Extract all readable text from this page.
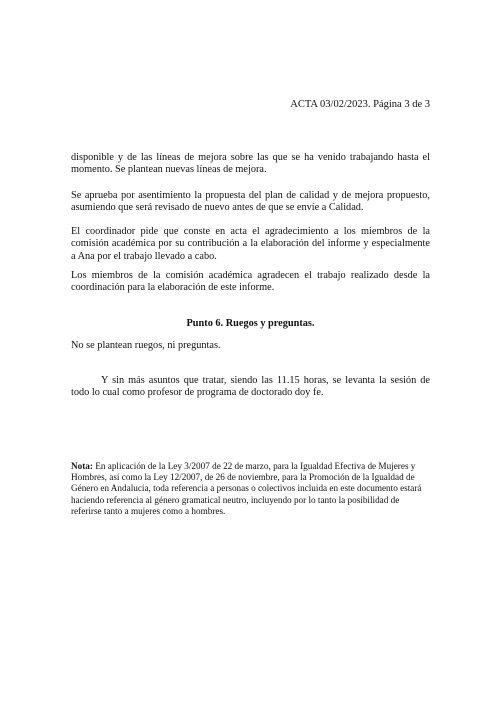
ACTA 03/02/2023. Página 3 de 3

disponible y de las líneas de mejora sobre las que se ha venido trabajando hasta el momento. Se plantean nuevas líneas de mejora.

Se aprueba por asentimiento la propuesta del plan de calidad y de mejora propuesto, asumiendo que será revisado de nuevo antes de que se envíe a Calidad.

El coordinador pide que conste en acta el agradecimiento a los miembros de la comisión académica por su contribución a la elaboración del informe y especialmente a Ana por el trabajo llevado a cabo.

Los miembros de la comisión académica agradecen el trabajo realizado desde la coordinación para la elaboración de este informe.

Punto 6. Ruegos y preguntas.

No se plantean ruegos, ni preguntas.

Y sin más asuntos que tratar, siendo las 11.15 horas, se levanta la sesión de todo lo cual como profesor de programa de doctorado doy fe.

Nota: En aplicación de la Ley 3/2007 de 22 de marzo, para la Igualdad Efectiva de Mujeres y Hombres, así como la Ley 12/2007, de 26 de noviembre, para la Promoción de la Igualdad de Género en Andalucía, toda referencia a personas o colectivos incluida en este documento estará haciendo referencia al género gramatical neutro, incluyendo por lo tanto la posibilidad de referirse tanto a mujeres como a hombres.
